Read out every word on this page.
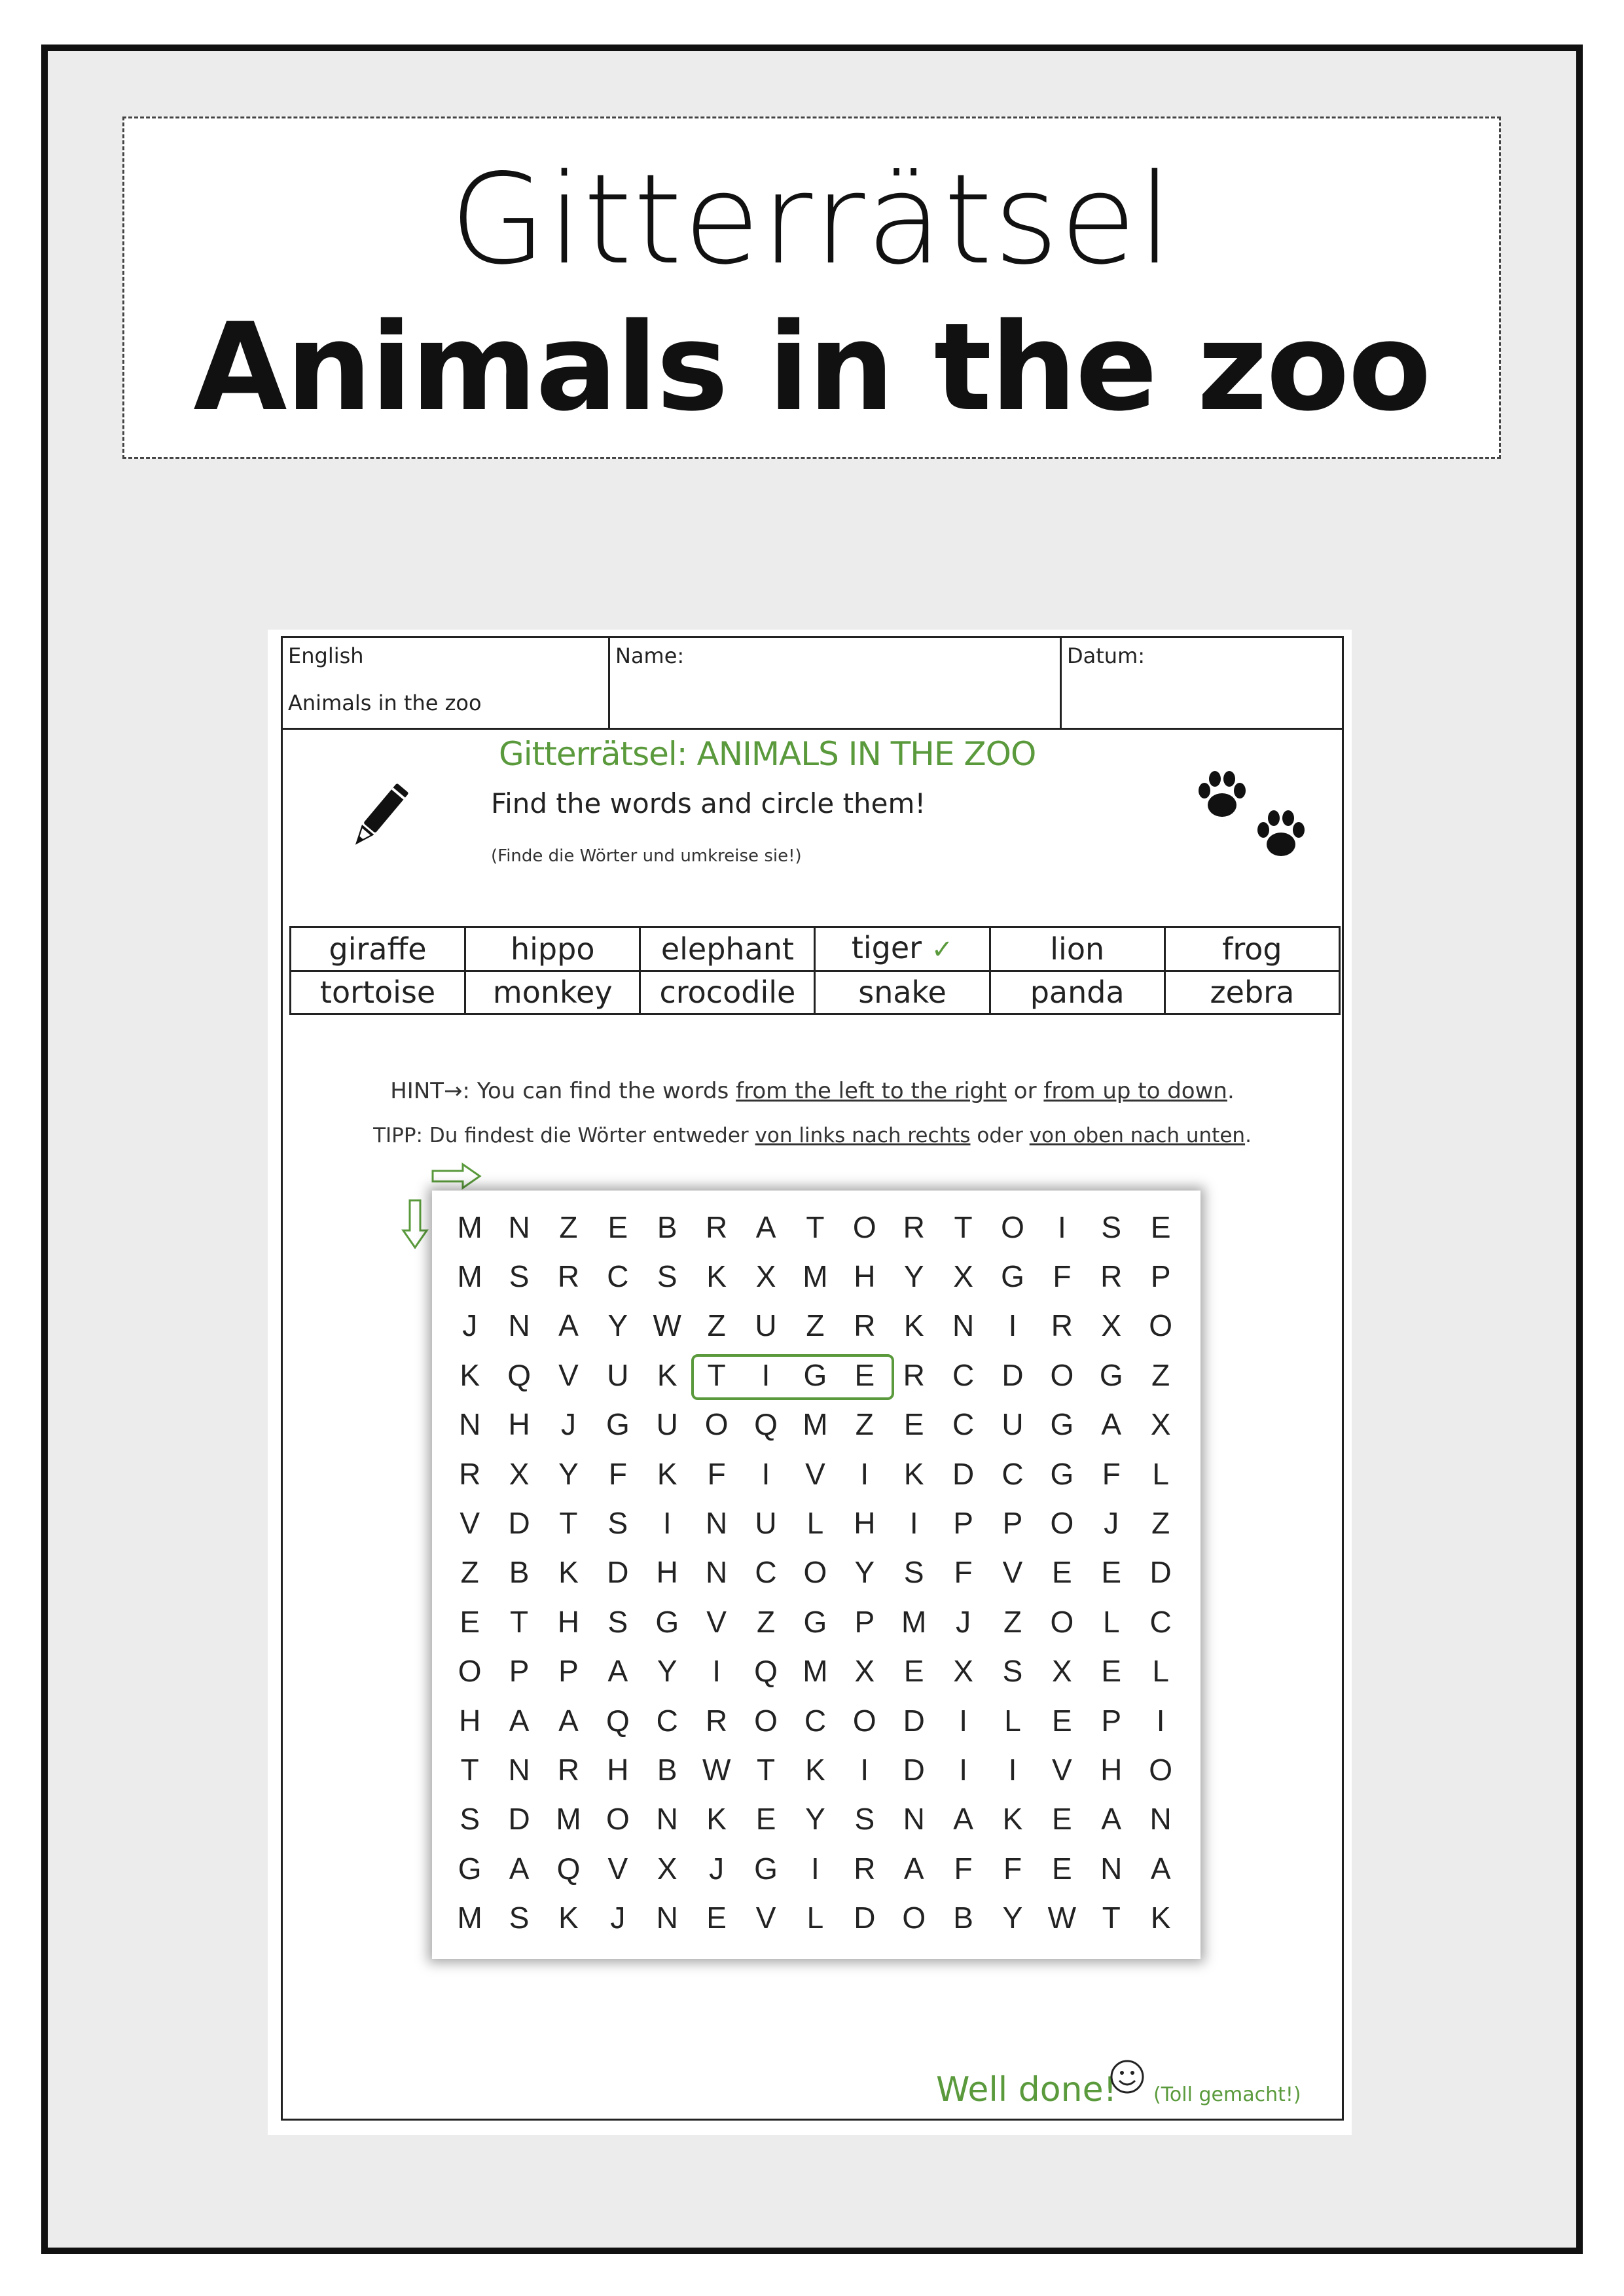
Gitterrätsel
Animals in the zoo
English
Animals in the zoo
Name:	Datum:
Gitterrätsel: ANIMALS IN THE ZOO
Find the words and circle them!
(Finde die Wörter und umkreise sie!)
giraffe	hippo	elephant	tiger ✓	lion	frog
tortoise	monkey	crocodile	snake	panda	zebra
HINT→: You can find the words from the left to the right or from up to down.
TIPP: Du findest die Wörter entweder von links nach rechts oder von oben nach unten.
M N Z E B R A	T O R T O	I	S E
M S R C S K X M H Y X G F R P
J	N A Y W Z U Z R K N	I	R X O
K Q V U K	T	I	G E R C D O G Z
N H	J	G U O Q M Z E C U G A X
R X Y	F K	F	I	V	I	K D C G F	L
V D T S	I	N U L H	I	P P O	J	Z
Z B K D H N C O Y S	F V E E D
E	T H S G V	Z G P M J	Z O L C
O P P A Y	I	Q M X E X S X E	L
H A A Q C R O C O D	I	L	E P	I
T N R H B W T K	I	D	I	I	V H O
S D M O N K E Y S N A K E A N
G A Q V X	J	G	I	R A	F	F E N A
M S K	J	N E V	L D O B Y W T K
Well done! (Toll gemacht!)
